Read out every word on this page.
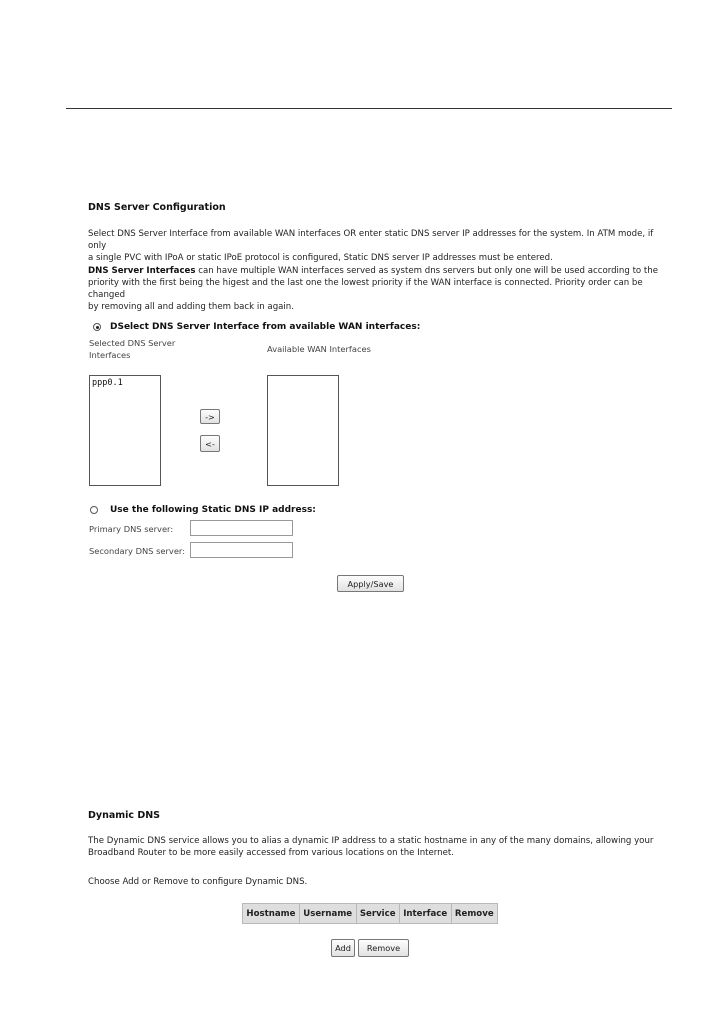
DNS Server Configuration
Select DNS Server Interface from available WAN interfaces OR enter static DNS server IP addresses for the system. In ATM mode, if only
a single PVC with IPoA or static IPoE protocol is configured, Static DNS server IP addresses must be entered.
DNS Server Interfaces can have multiple WAN interfaces served as system dns servers but only one will be used according to the
priority with the first being the higest and the last one the lowest priority if the WAN interface is connected. Priority order can be changed
by removing all and adding them back in again.
DSelect DNS Server Interface from available WAN interfaces:
Selected DNS Server
Interfaces
Available WAN Interfaces
ppp0.1
->
<-
Use the following Static DNS IP address:
Primary DNS server:
Secondary DNS server:
Apply/Save
Dynamic DNS
The Dynamic DNS service allows you to alias a dynamic IP address to a static hostname in any of the many domains, allowing your
Broadband Router to be more easily accessed from various locations on the Internet.
Choose Add or Remove to configure Dynamic DNS.
Hostname	Username	Service	Interface	Remove
Add	Remove
